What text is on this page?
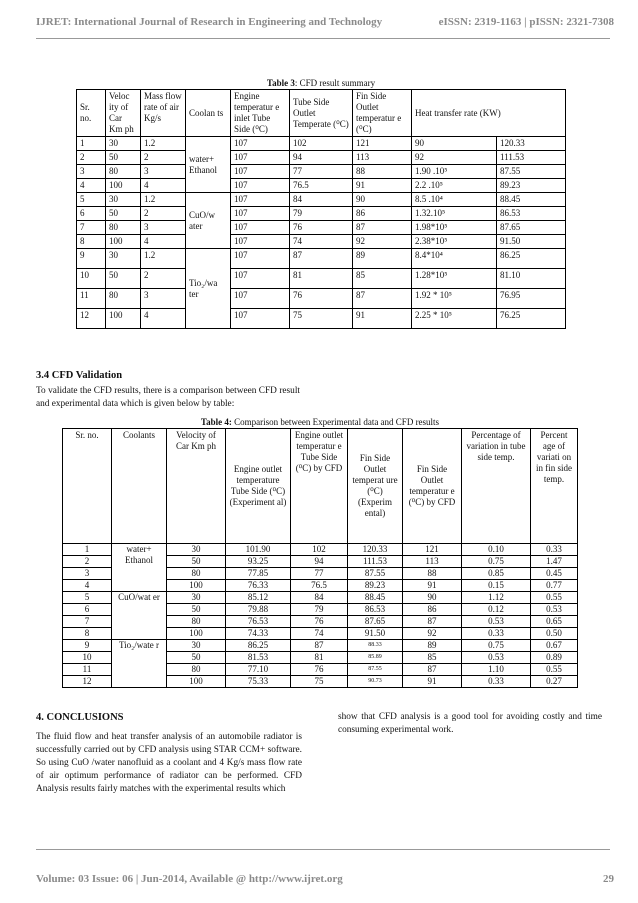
IJRET: International Journal of Research in Engineering and Technology	eISSN: 2319-1163 | pISSN: 2321-7308
Table 3: CFD result summary
Sr. no.	Veloc ity of Car Km ph	Mass flow rate of air Kg/s	Coolan ts	Engine temperatur e inlet Tube Side (⁰C)	Tube Side Outlet Temperate (⁰C)	Fin Side Outlet temperatur e (⁰C)	Heat transfer rate (KW)	
1	30	1.2	water+ Ethanol	107	102	121	90	120.33
2	50	2		107	94	113	92	111.53
3	80	3		107	77	88	1.90 .10⁵	87.55
4	100	4		107	76.5	91	2.2 .10⁵	89.23
5	30	1.2	CuO/w ater	107	84	90	8.5 .10⁴	88.45
6	50	2		107	79	86	1.32.10⁵	86.53
7	80	3		107	76	87	1.98*10⁵	87.65
8	100	4		107	74	92	2.38*10⁵	91.50
9	30	1.2	Tio₂/wa ter	107	87	89	8.4*10⁴	86.25
10	50	2		107	81	85	1.28*10⁵	81.10
11	80	3		107	76	87	1.92 * 10⁵	76.95
12	100	4		107	75	91	2.25 * 10⁵	76.25
3.4 CFD Validation
To validate the CFD results, there is a comparison between CFD result and experimental data which is given below by table:
Table 4: Comparison between Experimental data and CFD results
Sr. no.	Coolants	Velocity of Car Km ph	Engine outlet temperature Tube Side (⁰C) (Experiment al)	Engine outlet temperatur e Tube Side (⁰C) by CFD	Fin Side Outlet temperat ure (⁰C) (Experim ental)	Fin Side Outlet temperatur e (⁰C) by CFD	Percentage of variation in tube side temp.	Percent age of variati on in fin side temp.
1	water+ Ethanol	30	101.90	102	120.33	121	0.10	0.33
2		50	93.25	94	111.53	113	0.75	1.47
3		80	77.85	77	87.55	88	0.85	0.45
4		100	76.33	76.5	89.23	91	0.15	0.77
5	CuO/wat er	30	85.12	84	88.45	90	1.12	0.55
6		50	79.88	79	86.53	86	0.12	0.53
7		80	76.53	76	87.65	87	0.53	0.65
8		100	74.33	74	91.50	92	0.33	0.50
9	Tio₂/wate r	30	86.25	87	88.33	89	0.75	0.67
10		50	81.53	81	85.89	85	0.53	0.89
11		80	77.10	76	87.55	87	1.10	0.55
12		100	75.33	75	90.73	91	0.33	0.27
4. CONCLUSIONS
The fluid flow and heat transfer analysis of an automobile radiator is successfully carried out by CFD analysis using STAR CCM+ software. So using CuO /water nanofluid as a coolant and 4 Kg/s mass flow rate of air optimum performance of radiator can be performed. CFD Analysis results fairly matches with the experimental results which
show that CFD analysis is a good tool for avoiding costly and time consuming experimental work.
Volume: 03 Issue: 06 | Jun-2014, Available @ http://www.ijret.org	29
